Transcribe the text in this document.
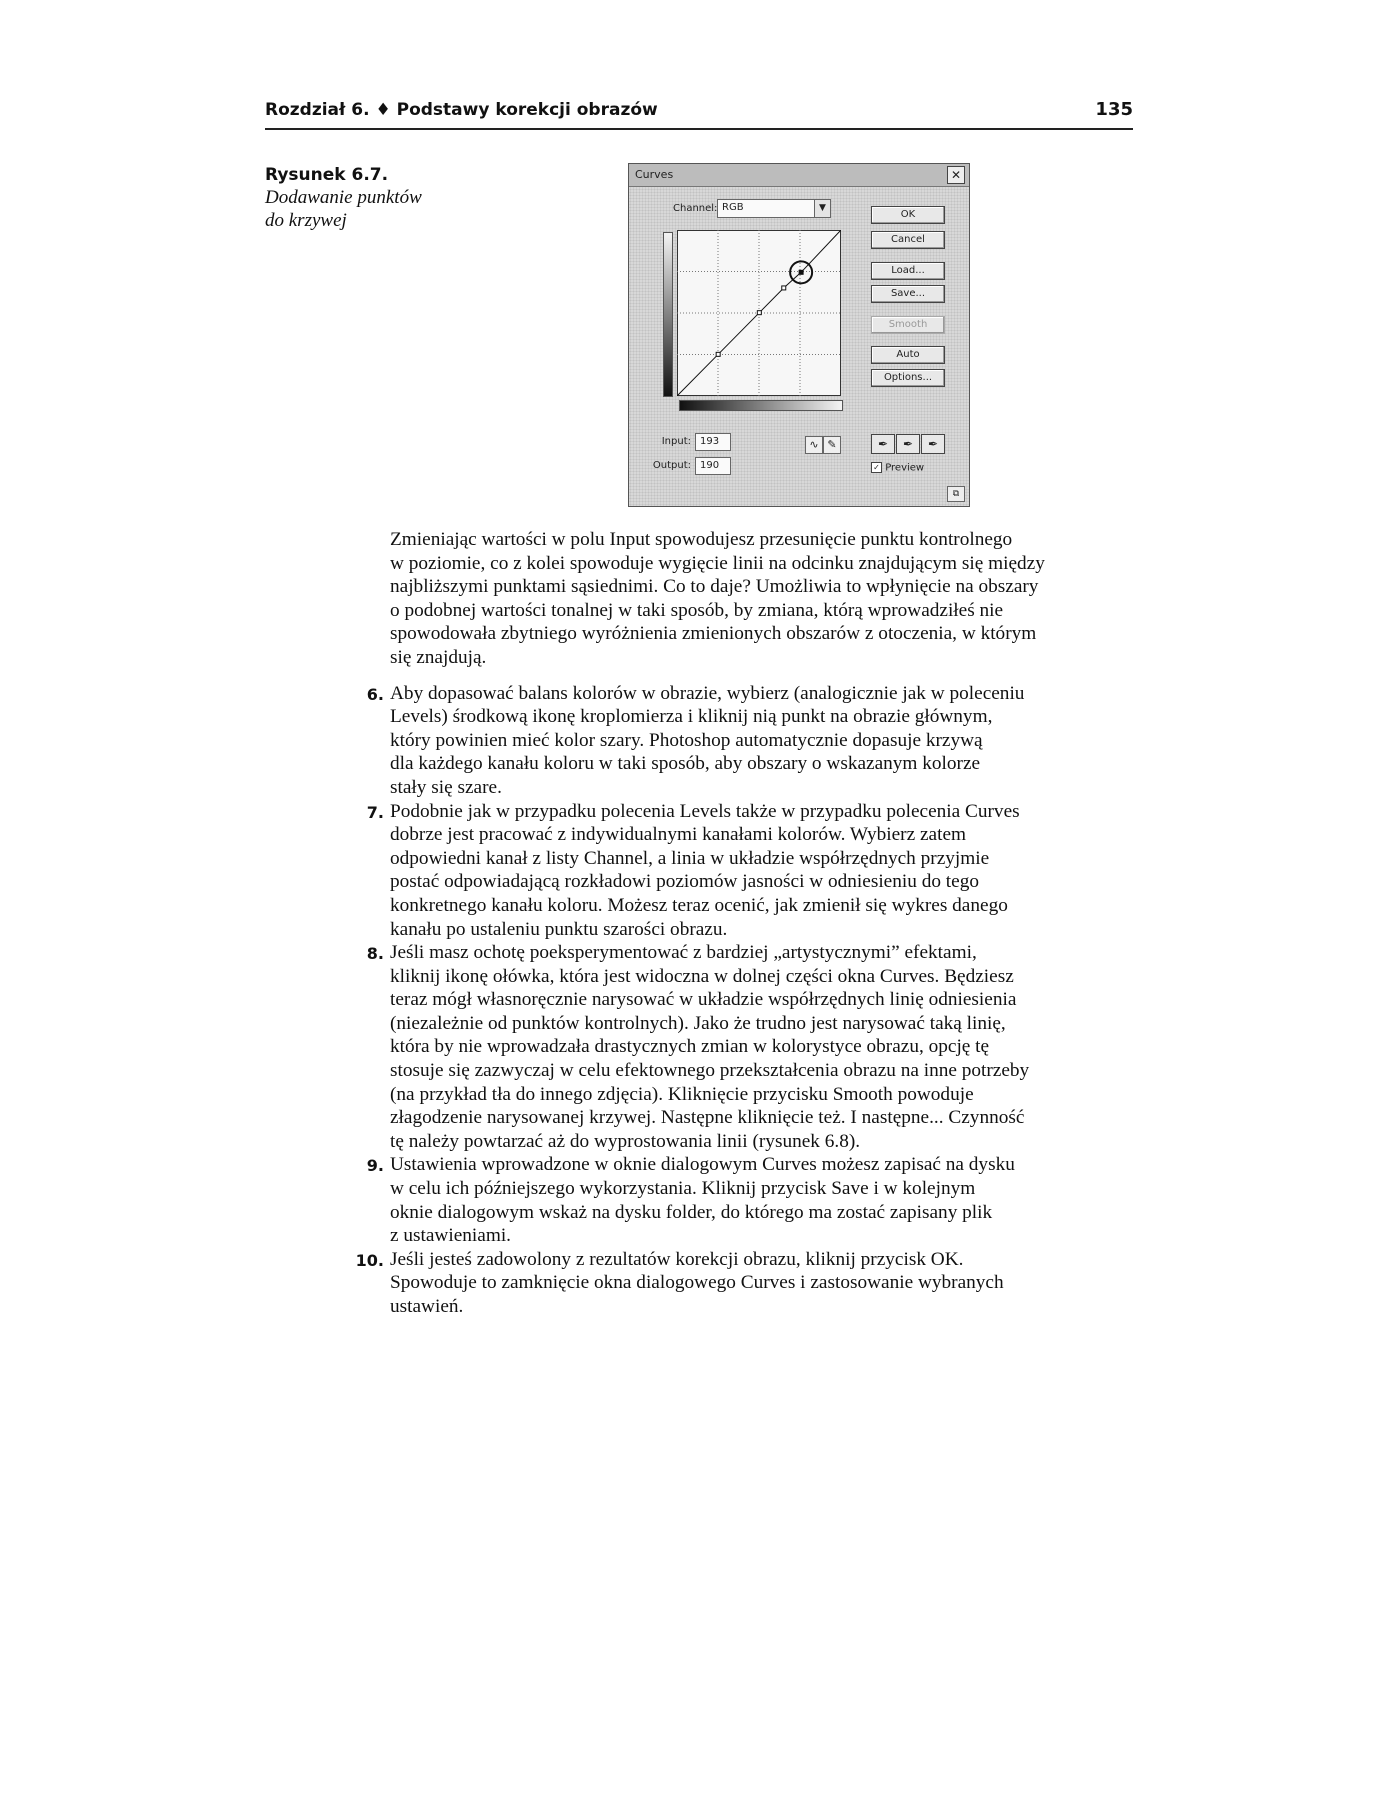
Rozdział 6. ♦ Podstawy korekcji obrazów	135
Rysunek 6.7.
Dodawanie punktów
do krzywej
Curves	✕
Channel: RGB	▼
Input: 193
Output: 190
∿ ✎
OK
Cancel
Load...
Save...
Smooth
Auto
Options...
✒	✒	✒
✓ Preview
⧉

Zmieniając wartości w polu Input spowodujesz przesunięcie punktu kontrolnego
w poziomie, co z kolei spowoduje wygięcie linii na odcinku znajdującym się między
najbliższymi punktami sąsiednimi. Co to daje? Umożliwia to wpłynięcie na obszary
o podobnej wartości tonalnej w taki sposób, by zmiana, którą wprowadziłeś nie
spowodowała zbytniego wyróżnienia zmienionych obszarów z otoczenia, w którym
się znajdują.

6. Aby dopasować balans kolorów w obrazie, wybierz (analogicznie jak w poleceniu
Levels) środkową ikonę kroplomierza i kliknij nią punkt na obrazie głównym,
który powinien mieć kolor szary. Photoshop automatycznie dopasuje krzywą
dla każdego kanału koloru w taki sposób, aby obszary o wskazanym kolorze
stały się szare.

7. Podobnie jak w przypadku polecenia Levels także w przypadku polecenia Curves
dobrze jest pracować z indywidualnymi kanałami kolorów. Wybierz zatem
odpowiedni kanał z listy Channel, a linia w układzie współrzędnych przyjmie
postać odpowiadającą rozkładowi poziomów jasności w odniesieniu do tego
konkretnego kanału koloru. Możesz teraz ocenić, jak zmienił się wykres danego
kanału po ustaleniu punktu szarości obrazu.

8. Jeśli masz ochotę poeksperymentować z bardziej „artystycznymi” efektami,
kliknij ikonę ołówka, która jest widoczna w dolnej części okna Curves. Będziesz
teraz mógł własnoręcznie narysować w układzie współrzędnych linię odniesienia
(niezależnie od punktów kontrolnych). Jako że trudno jest narysować taką linię,
która by nie wprowadzała drastycznych zmian w kolorystyce obrazu, opcję tę
stosuje się zazwyczaj w celu efektownego przekształcenia obrazu na inne potrzeby
(na przykład tła do innego zdjęcia). Kliknięcie przycisku Smooth powoduje
złagodzenie narysowanej krzywej. Następne kliknięcie też. I następne... Czynność
tę należy powtarzać aż do wyprostowania linii (rysunek 6.8).

9. Ustawienia wprowadzone w oknie dialogowym Curves możesz zapisać na dysku
w celu ich późniejszego wykorzystania. Kliknij przycisk Save i w kolejnym
oknie dialogowym wskaż na dysku folder, do którego ma zostać zapisany plik
z ustawieniami.

10. Jeśli jesteś zadowolony z rezultatów korekcji obrazu, kliknij przycisk OK.
Spowoduje to zamknięcie okna dialogowego Curves i zastosowanie wybranych
ustawień.
